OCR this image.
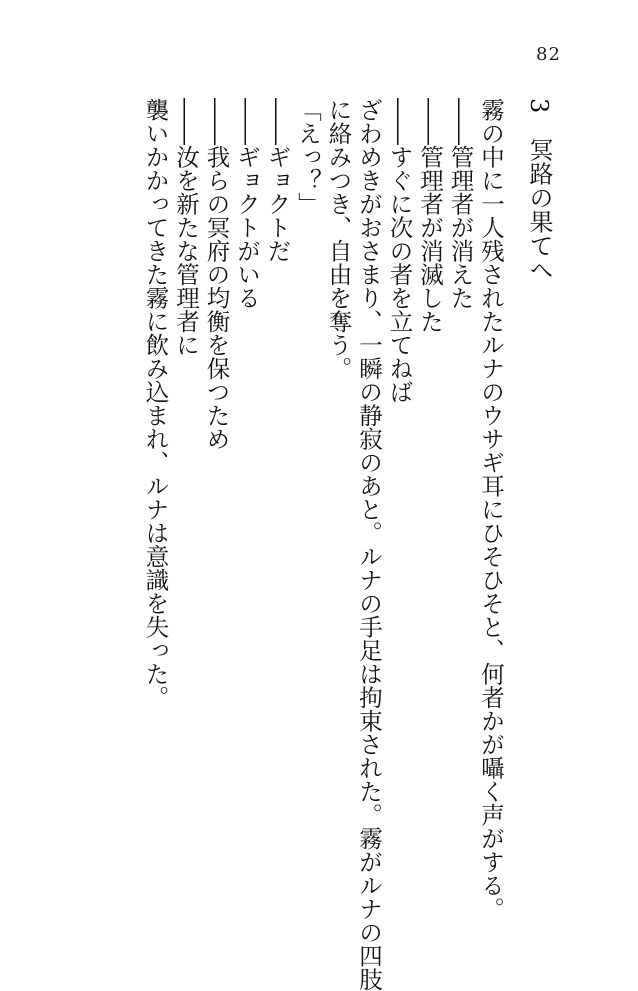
82
3　冥路の果てへ
霧の中に一人残されたルナのウサギ耳にひそひそと、何者かが囁く声がする。
――管理者が消えた
――管理者が消滅した
――すぐに次の者を立てねば
ざわめきがおさまり、一瞬の静寂のあと。ルナの手足は拘束された。霧がルナの四肢
に絡みつき、自由を奪う。
「えっ？」
――ギョクトだ
――ギョクトがいる
――我らの冥府の均衡を保つため
――汝を新たな管理者に
襲いかかってきた霧に飲み込まれ、ルナは意識を失った。
